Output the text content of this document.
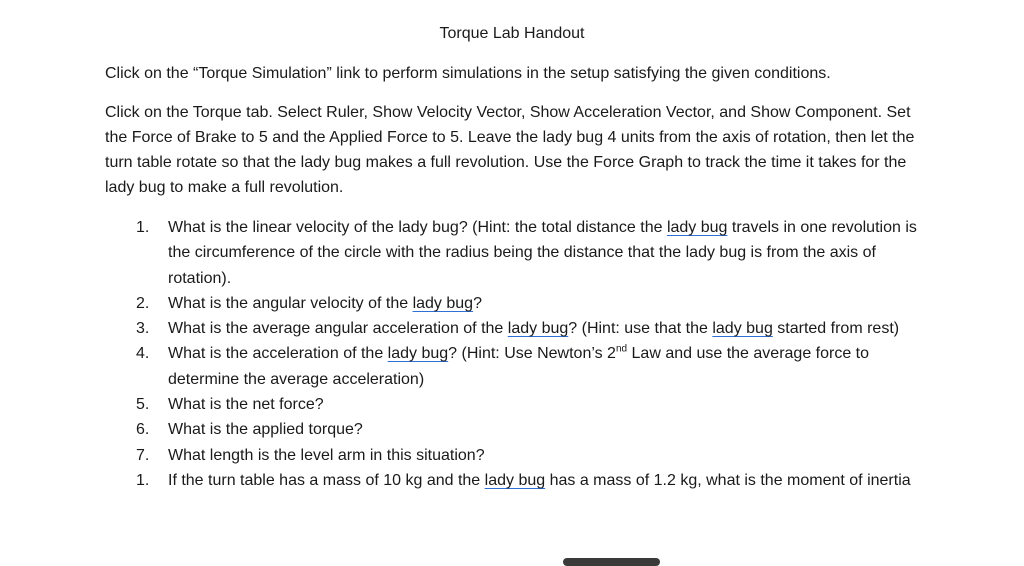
Torque Lab Handout

Click on the “Torque Simulation” link to perform simulations in the setup satisfying the given conditions.

Click on the Torque tab. Select Ruler, Show Velocity Vector, Show Acceleration Vector, and Show Component. Set the Force of Brake to 5 and the Applied Force to 5. Leave the lady bug 4 units from the axis of rotation, then let the turn table rotate so that the lady bug makes a full revolution. Use the Force Graph to track the time it takes for the lady bug to make a full revolution.

1.	What is the linear velocity of the lady bug? (Hint: the total distance the lady bug travels in one revolution is the circumference of the circle with the radius being the distance that the lady bug is from the axis of rotation).
2.	What is the angular velocity of the lady bug?
3.	What is the average angular acceleration of the lady bug? (Hint: use that the lady bug started from rest)
4.	What is the acceleration of the lady bug? (Hint: Use Newton’s 2nd Law and use the average force to determine the average acceleration)
5.	What is the net force?
6.	What is the applied torque?
7.	What length is the level arm in this situation?
1.	If the turn table has a mass of 10 kg and the lady bug has a mass of 1.2 kg, what is the moment of inertia
